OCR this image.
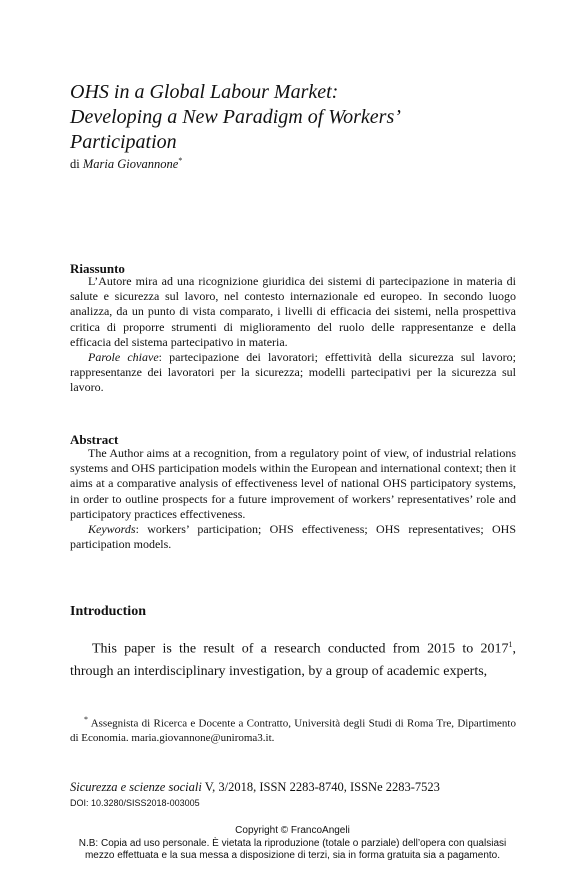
OHS in a Global Labour Market:
Developing a New Paradigm of Workers’
Participation
di Maria Giovannone*
Riassunto

L’Autore mira ad una ricognizione giuridica dei sistemi di partecipazione in materia di salute e sicurezza sul lavoro, nel contesto internazionale ed europeo. In secondo luogo analizza, da un punto di vista comparato, i livelli di efficacia dei sistemi, nella prospettiva critica di proporre strumenti di miglioramento del ruolo delle rappresentanze e della efficacia del sistema partecipativo in materia.

Parole chiave: partecipazione dei lavoratori; effettività della sicurezza sul lavoro; rappresentanze dei lavoratori per la sicurezza; modelli partecipativi per la sicurezza sul lavoro.

Abstract

The Author aims at a recognition, from a regulatory point of view, of industrial relations systems and OHS participation models within the European and international context; then it aims at a comparative analysis of effectiveness level of national OHS participatory systems, in order to outline prospects for a future improvement of workers’ representatives’ role and participatory practices effectiveness.

Keywords: workers’ participation; OHS effectiveness; OHS representatives; OHS participation models.

Introduction

This paper is the result of a research conducted from 2015 to 2017$^1$, through an interdisciplinary investigation, by a group of academic experts,

* Assegnista di Ricerca e Docente a Contratto, Università degli Studi di Roma Tre, Dipartimento di Economia. maria.giovannone@uniroma3.it.

Sicurezza e scienze sociali V, 3/2018, ISSN 2283-8740, ISSNe 2283-7523
DOI: 10.3280/SISS2018-003005
Copyright © FrancoAngeli
N.B: Copia ad uso personale. È vietata la riproduzione (totale o parziale) dell’opera con qualsiasi
mezzo effettuata e la sua messa a disposizione di terzi, sia in forma gratuita sia a pagamento.
